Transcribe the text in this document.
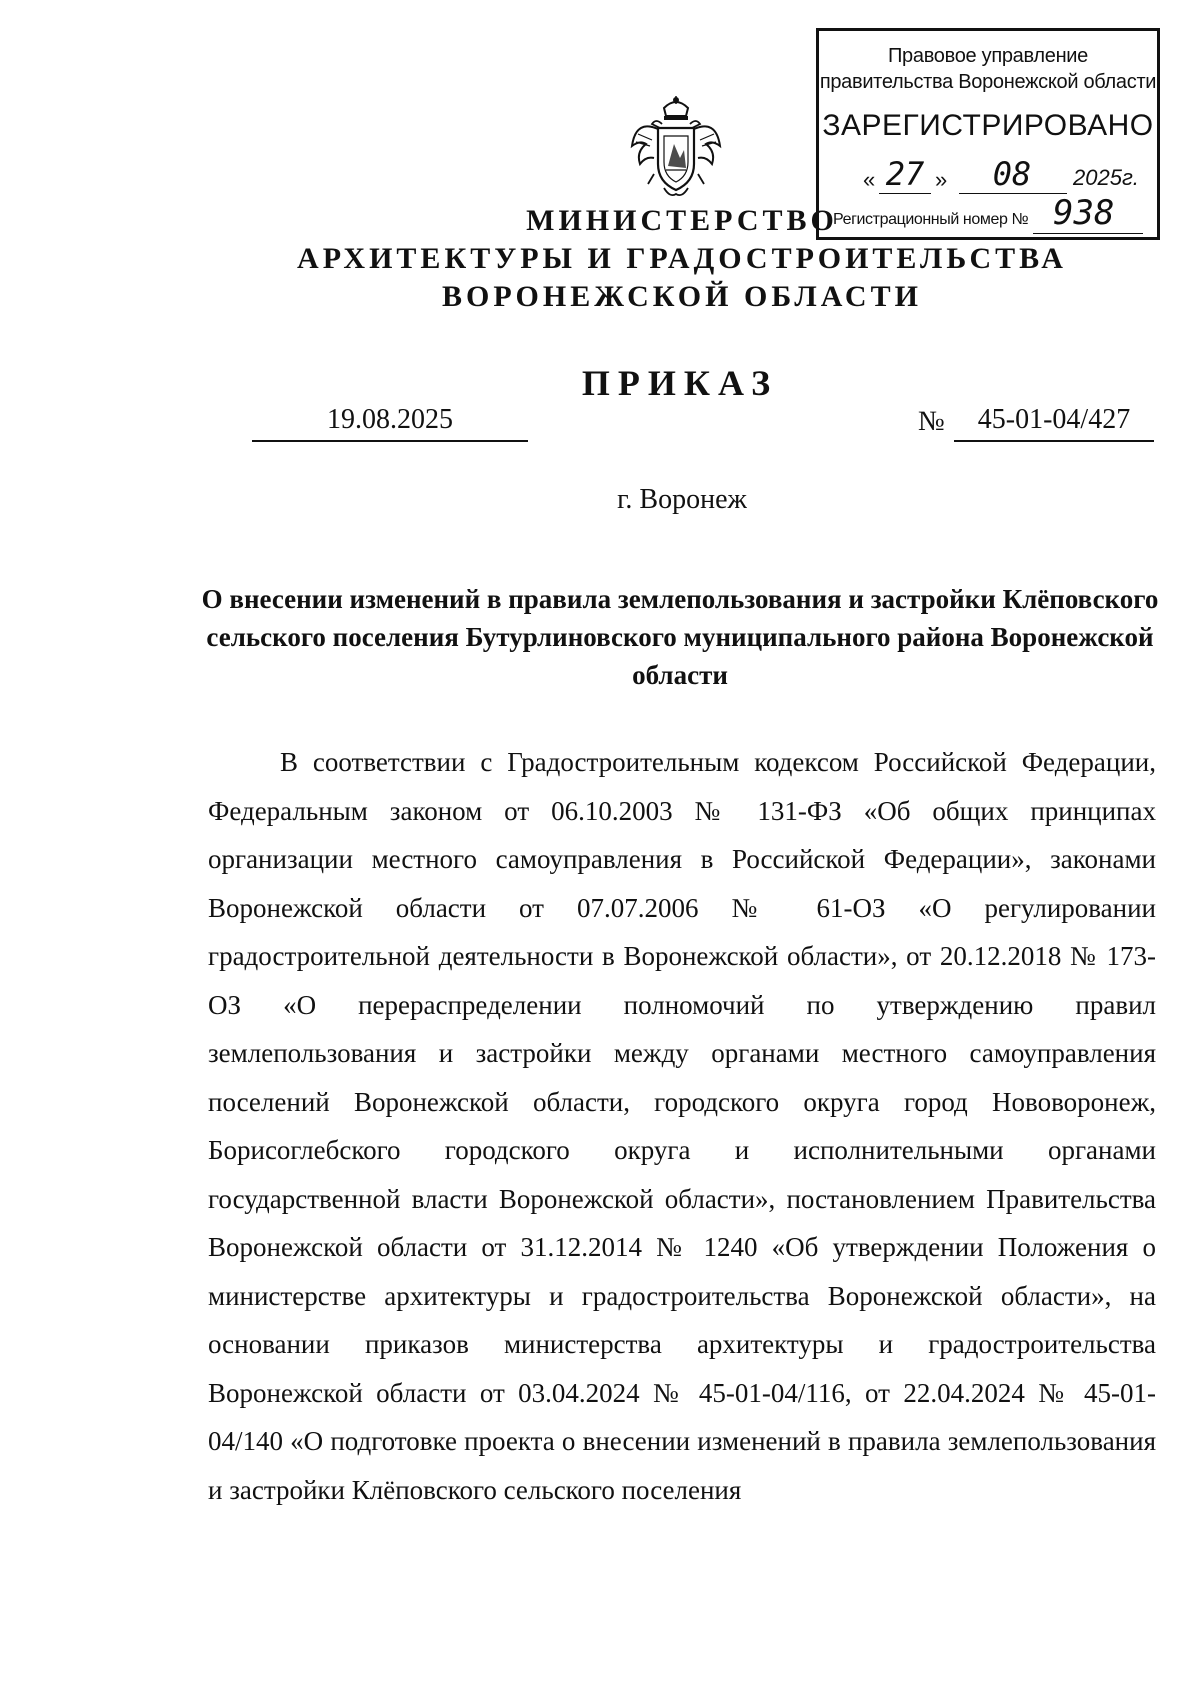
Правовое управление правительства Воронежской области
ЗАРЕГИСТРИРОВАНО
« 27 »	08	2025г.
Регистрационный номер № 938
МИНИСТЕРСТВО
АРХИТЕКТУРЫ И ГРАДОСТРОИТЕЛЬСТВА
ВОРОНЕЖСКОЙ ОБЛАСТИ
ПРИКАЗ
19.08.2025	№	45-01-04/427
г. Воронеж
О внесении изменений в правила землепользования и застройки Клёповского сельского поселения Бутурлиновского муниципального района Воронежской области

В соответствии с Градостроительным кодексом Российской Федерации, Федеральным законом от 06.10.2003 № 131-ФЗ «Об общих принципах организации местного самоуправления в Российской Федерации», законами Воронежской области от 07.07.2006 № 61-ОЗ «О регулировании градостроительной деятельности в Воронежской области», от 20.12.2018 № 173-ОЗ «О перераспределении полномочий по утверждению правил землепользования и застройки между органами местного самоуправления поселений Воронежской области, городского округа город Нововоронеж, Борисоглебского городского округа и исполнительными органами государственной власти Воронежской области», постановлением Правительства Воронежской области от 31.12.2014 № 1240 «Об утверждении Положения о министерстве архитектуры и градостроительства Воронежской области», на основании приказов министерства архитектуры и градостроительства Воронежской области от 03.04.2024 № 45-01-04/116, от 22.04.2024 № 45-01-04/140 «О подготовке проекта о внесении изменений в правила землепользования и застройки Клёповского сельского поселения
